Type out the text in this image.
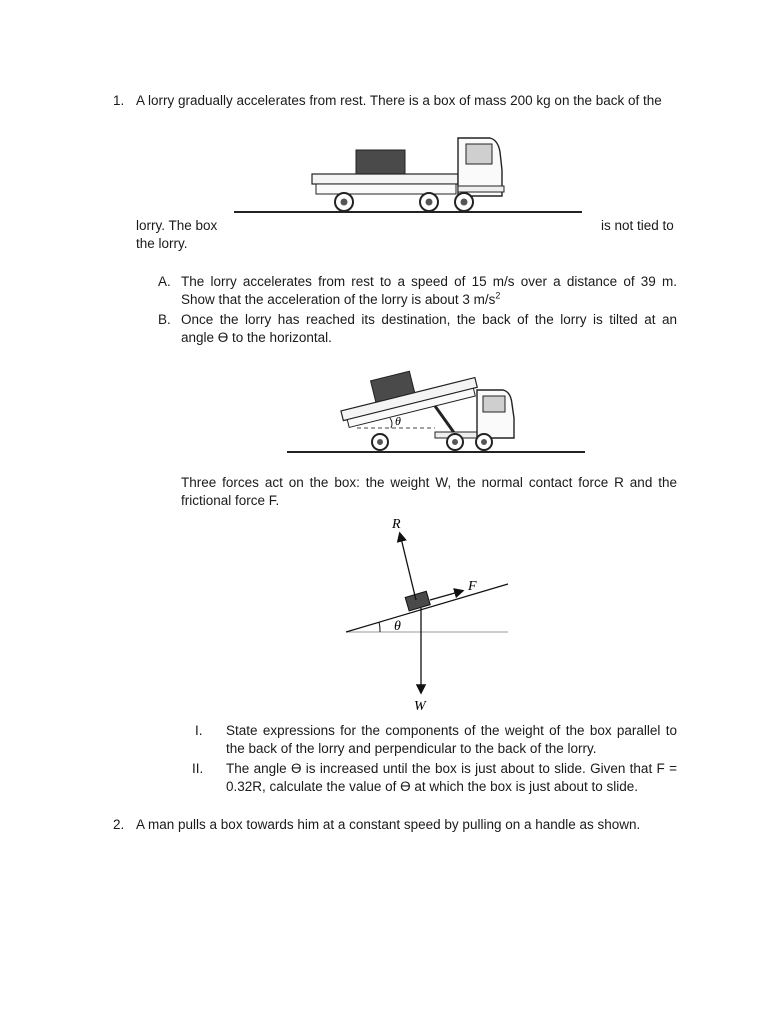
1. A lorry gradually accelerates from rest. There is a box of mass 200 kg on the back of the
lorry. The box	is not tied to
the lorry.
A. The lorry accelerates from rest to a speed of 15 m/s over a distance of 39 m.
Show that the acceleration of the lorry is about 3 $m/s^2$
B. Once the lorry has reached its destination, the back of the lorry is tilted at an
angle ϴ to the horizontal.
θ
Three forces act on the box: the weight W, the normal contact force R and the
frictional force F.
θ
R
F
W
I. State expressions for the components of the weight of the box parallel to
the back of the lorry and perpendicular to the back of the lorry.
II. The angle ϴ is increased until the box is just about to slide. Given that F =
0.32R, calculate the value of ϴ at which the box is just about to slide.
2. A man pulls a box towards him at a constant speed by pulling on a handle as shown.
